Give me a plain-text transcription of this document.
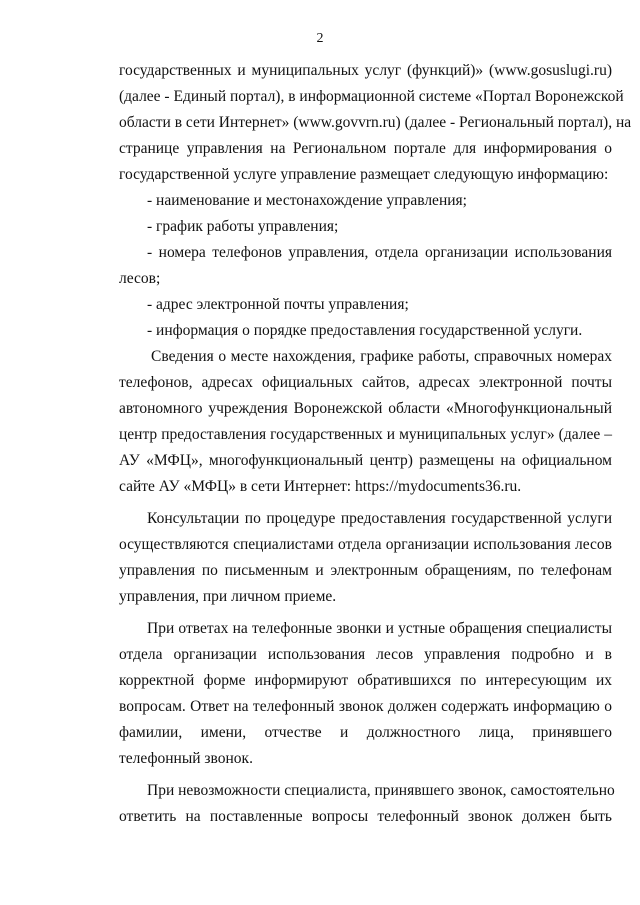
2
государственных и муниципальных услуг (функций)» (www.gosuslugi.ru)
(далее - Единый портал), в информационной системе «Портал Воронежской
области в сети Интернет» (www.govvrn.ru) (далее - Региональный портал), на
странице управления на Региональном портале для информирования о
государственной услуге управление размещает следующую информацию:
- наименование и местонахождение управления;
- график работы управления;
- номера телефонов управления, отдела организации использования
лесов;
- адрес электронной почты управления;
- информация о порядке предоставления государственной услуги.
Сведения о месте нахождения, графике работы, справочных номерах
телефонов, адресах официальных сайтов, адресах электронной почты
автономного учреждения Воронежской области «Многофункциональный
центр предоставления государственных и муниципальных услуг» (далее –
АУ «МФЦ», многофункциональный центр) размещены на официальном
сайте АУ «МФЦ» в сети Интернет: https://mydocuments36.ru.
Консультации по процедуре предоставления государственной услуги
осуществляются специалистами отдела организации использования лесов
управления по письменным и электронным обращениям, по телефонам
управления, при личном приеме.
При ответах на телефонные звонки и устные обращения специалисты
отдела организации использования лесов управления подробно и в
корректной форме информируют обратившихся по интересующим их
вопросам. Ответ на телефонный звонок должен содержать информацию о
фамилии, имени, отчестве и должностного лица, принявшего
телефонный звонок.
При невозможности специалиста, принявшего звонок, самостоятельно
ответить на поставленные вопросы телефонный звонок должен быть
